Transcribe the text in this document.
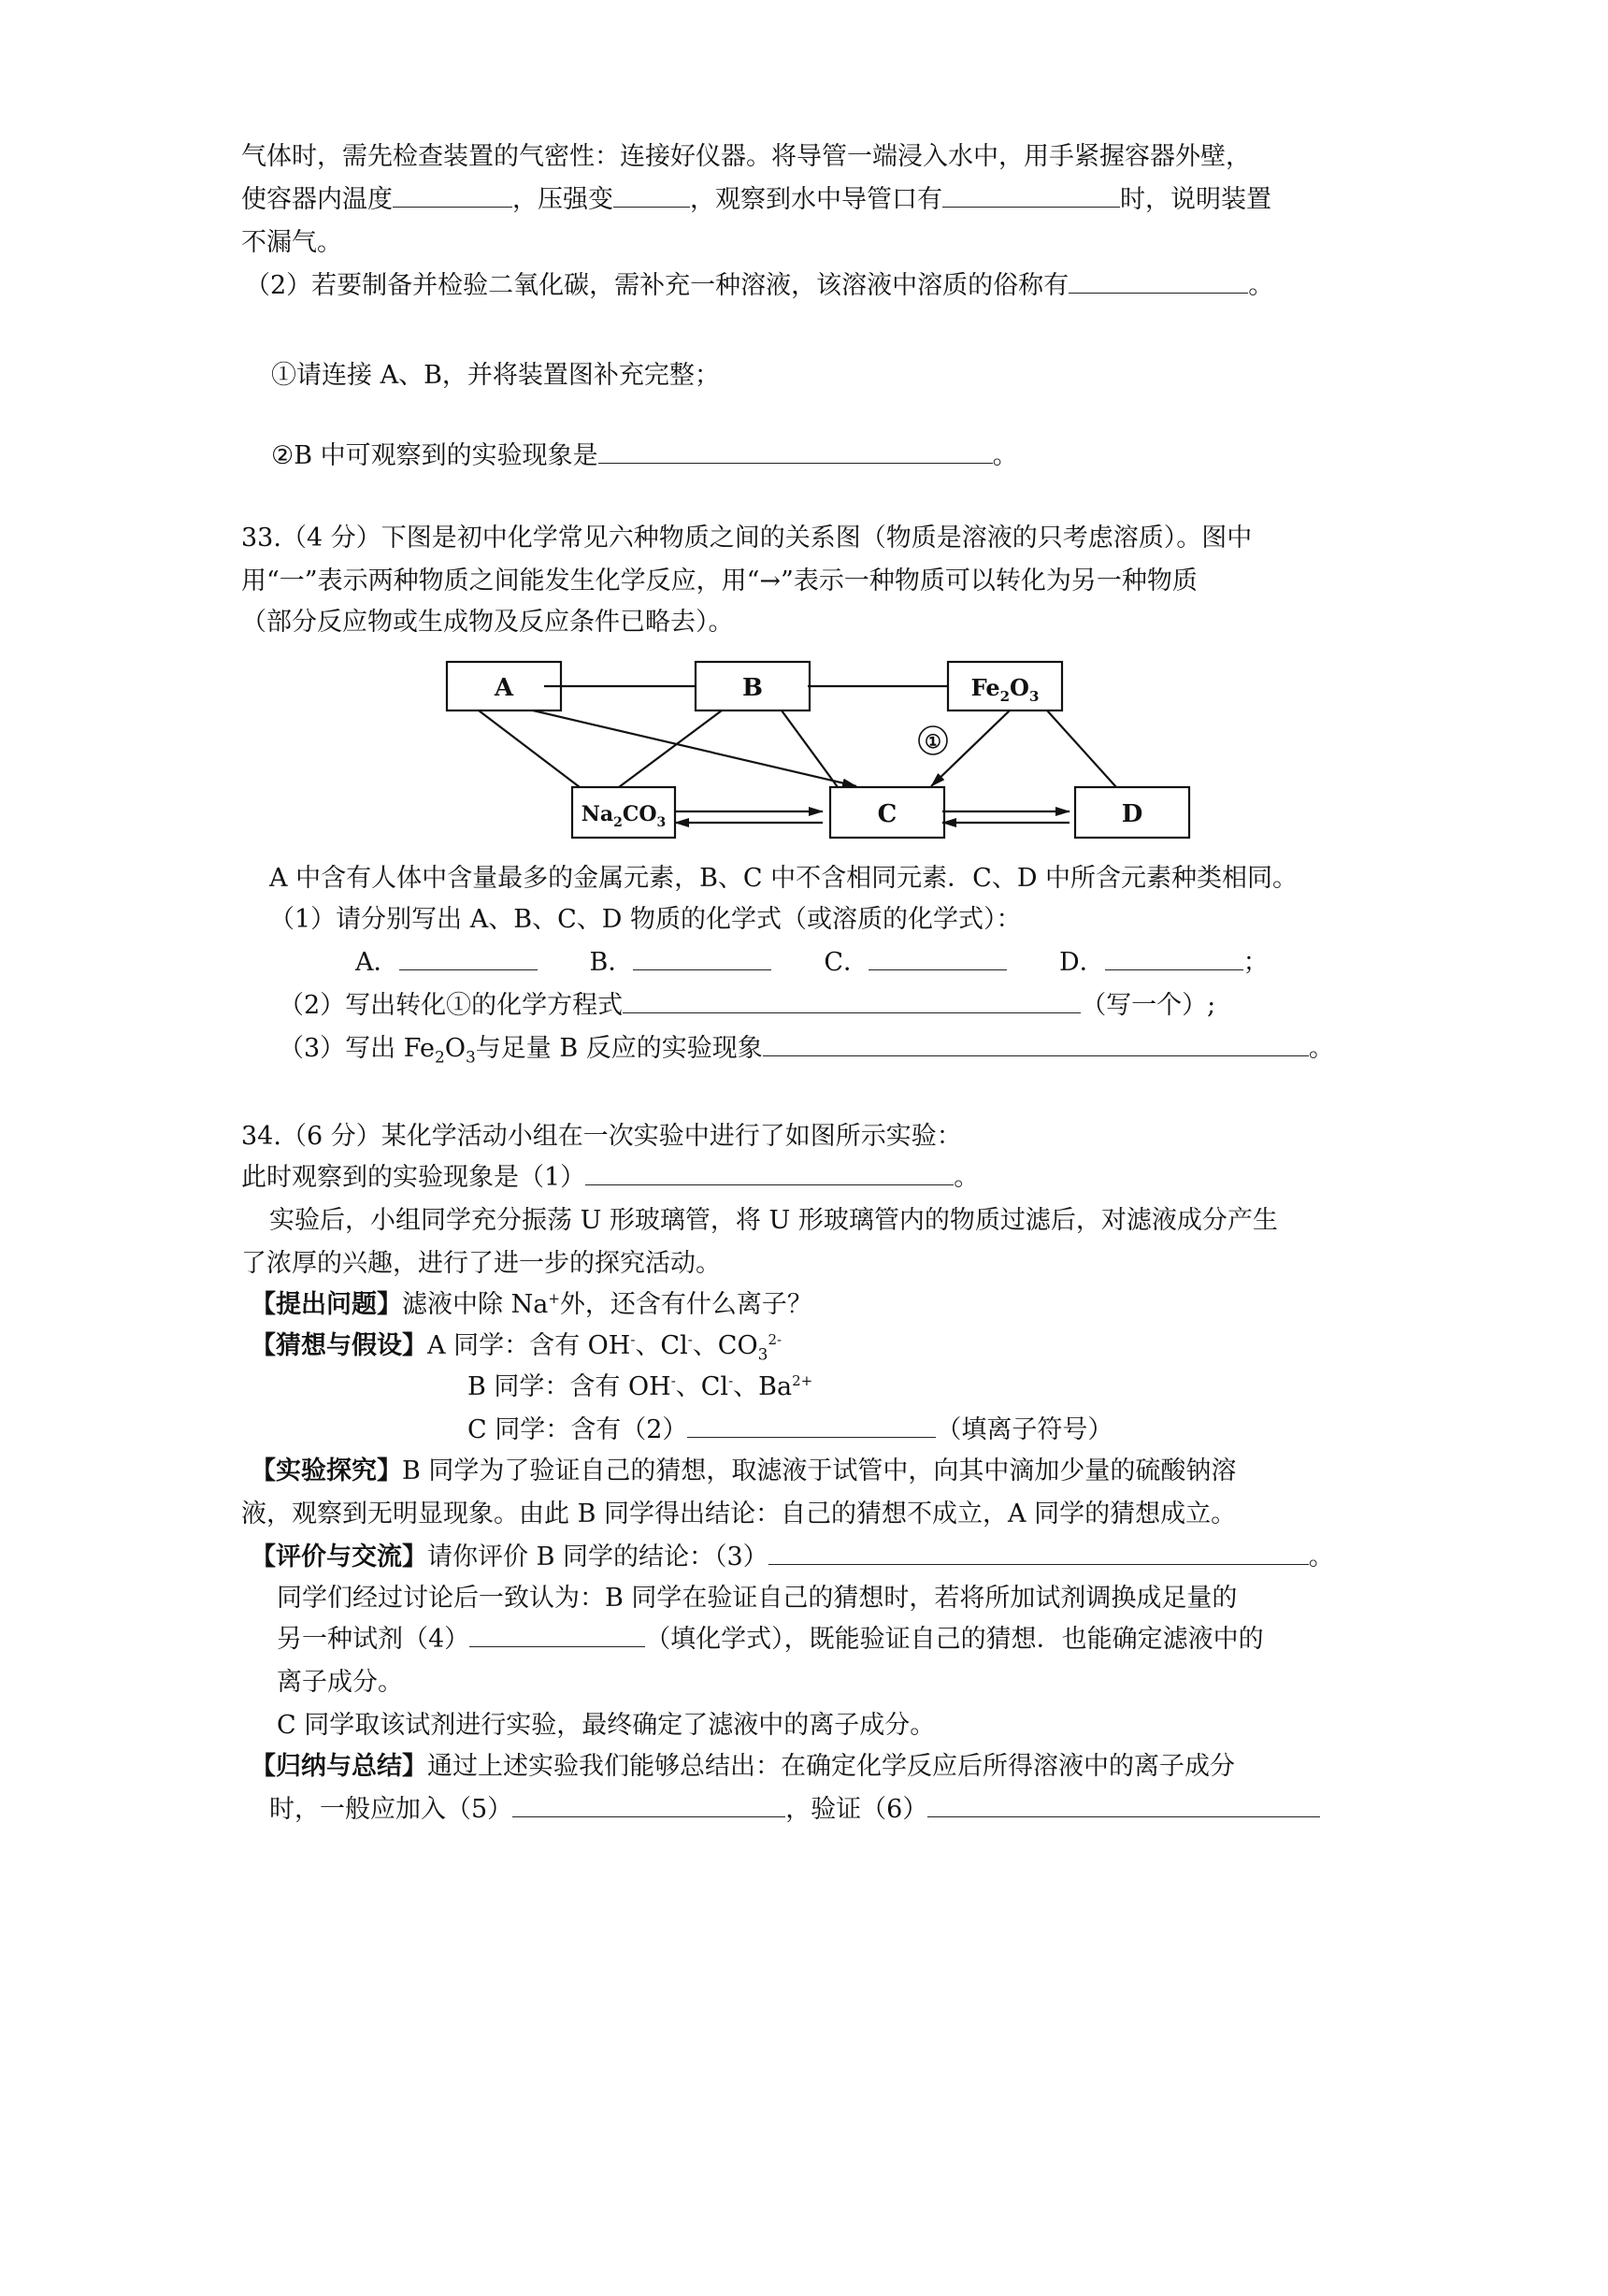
气体时，需先检查装置的气密性：连接好仪器。将导管一端浸入水中，用手紧握容器外壁，
使容器内温度	，压强变	，观察到水中导管口有	时，说明装置
不漏气。
（2）若要制备并检验二氧化碳，需补充一种溶液，该溶液中溶质的俗称有	。
①请连接 A、B，并将装置图补充完整；
②B 中可观察到的实验现象是	。
33.（4 分）下图是初中化学常见六种物质之间的关系图（物质是溶液的只考虑溶质）。图中
用“一”表示两种物质之间能发生化学反应，用“→”表示一种物质可以转化为另一种物质
（部分反应物或生成物及反应条件已略去）。
A	B	$Fe_2O_3$
$Na_2CO_3$	C	D
①
A 中含有人体中含量最多的金属元素，B、C 中不含相同元素．C、D 中所含元素种类相同。
（1）请分别写出 A、B、C、D 物质的化学式（或溶质的化学式）：
A．	B．	C．	D．	；
（2）写出转化①的化学方程式	（写一个）;
（3）写出 $Fe_2O_3$与足量 B 反应的实验现象	。
34.（6 分）某化学活动小组在一次实验中进行了如图所示实验：
此时观察到的实验现象是（1）	。
实验后，小组同学充分振荡 U 形玻璃管，将 U 形玻璃管内的物质过滤后，对滤液成分产生
了浓厚的兴趣，进行了进一步的探究活动。
【提出问题】滤液中除 Na+外，还含有什么离子？
【猜想与假设】A 同学：含有 OH-、Cl-、$CO_3^{2-}$
B 同学：含有 OH-、Cl-、$Ba^{2+}$
C 同学：含有（2）	（填离子符号）
【实验探究】B 同学为了验证自己的猜想，取滤液于试管中，向其中滴加少量的硫酸钠溶
液，观察到无明显现象。由此 B 同学得出结论：自己的猜想不成立，A 同学的猜想成立。
【评价与交流】请你评价 B 同学的结论：（3）	。
同学们经过讨论后一致认为：B 同学在验证自己的猜想时，若将所加试剂调换成足量的
另一种试剂（4）	（填化学式），既能验证自己的猜想．也能确定滤液中的
离子成分。
C 同学取该试剂进行实验，最终确定了滤液中的离子成分。
【归纳与总结】通过上述实验我们能够总结出：在确定化学反应后所得溶液中的离子成分
时，一般应加入（5）	，验证（6）
